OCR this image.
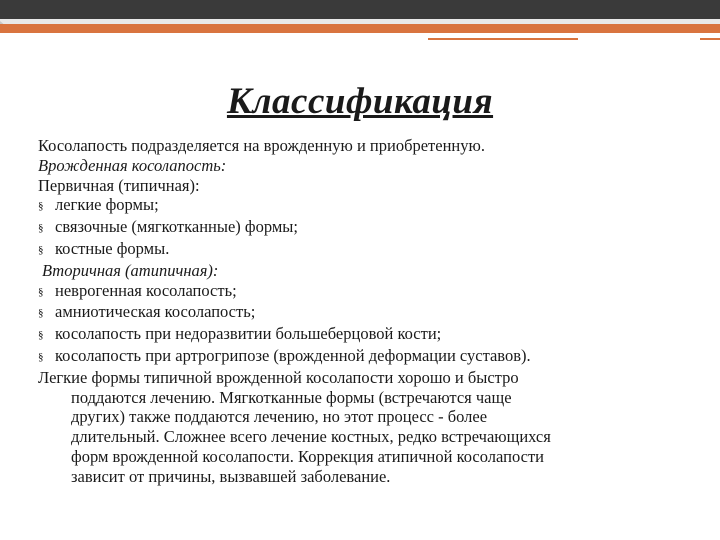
Классификация
Косолапость подразделяется на врожденную и приобретенную.
Врожденная косолапость:
Первичная (типичная):
§ легкие формы;
§ связочные (мягкотканные) формы;
§ костные формы.
Вторичная (атипичная):
§ неврогенная косолапость;
§ амниотическая косолапость;
§ косолапость при недоразвитии большеберцовой кости;
§ косолапость при артрогрипозе (врожденной деформации суставов).
Легкие формы типичной врожденной косолапости хорошо и быстро
поддаются лечению. Мягкотканные формы (встречаются чаще
других) также поддаются лечению, но этот процесс - более
длительный. Сложнее всего лечение костных, редко встречающихся
форм врожденной косолапости. Коррекция атипичной косолапости
зависит от причины, вызвавшей заболевание.
